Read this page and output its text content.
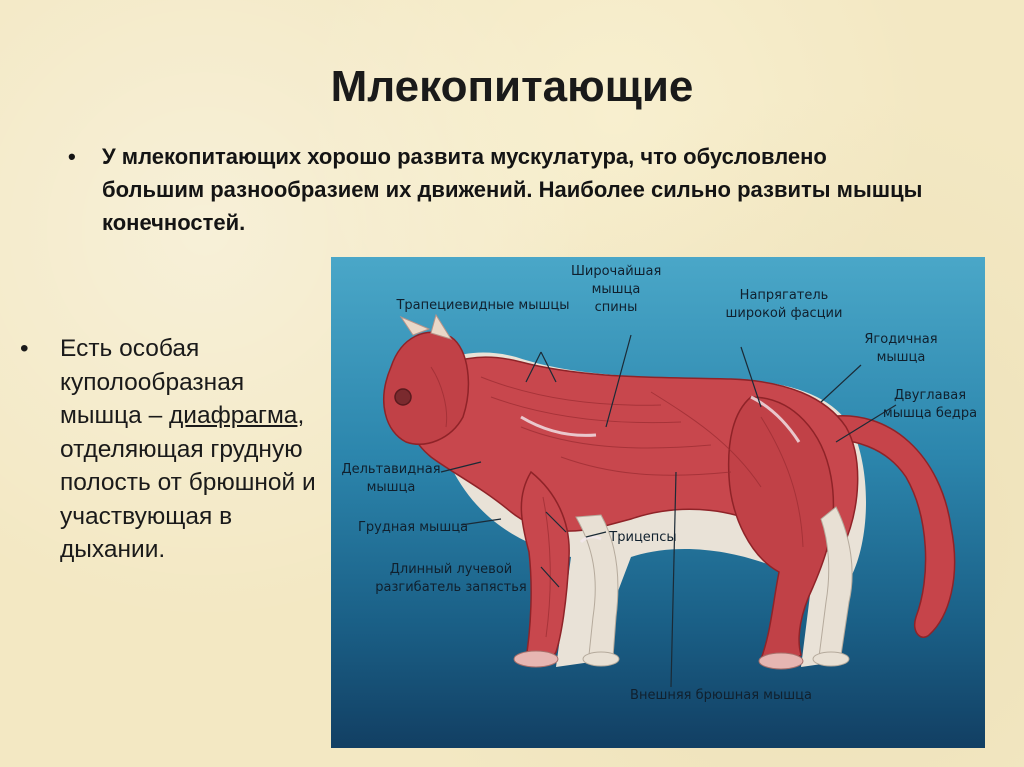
Млекопитающие
•	У млекопитающих хорошо развита мускулатура, что обусловлено большим разнообразием их движений. Наиболее сильно развиты мышцы конечностей.
•	Есть особая куполообразная мышца – диафрагма, отделяющая грудную полость от брюшной и участвующая в дыхании.
Широчайшая мышца спины
Трапециевидные мышцы
Напрягатель широкой фасции
Ягодичная мышца
Двуглавая мышца бедра
Дельтавидная мышца
Грудная мышца
Трицепсы
Длинный лучевой разгибатель запястья
Внешняя брюшная мышца
